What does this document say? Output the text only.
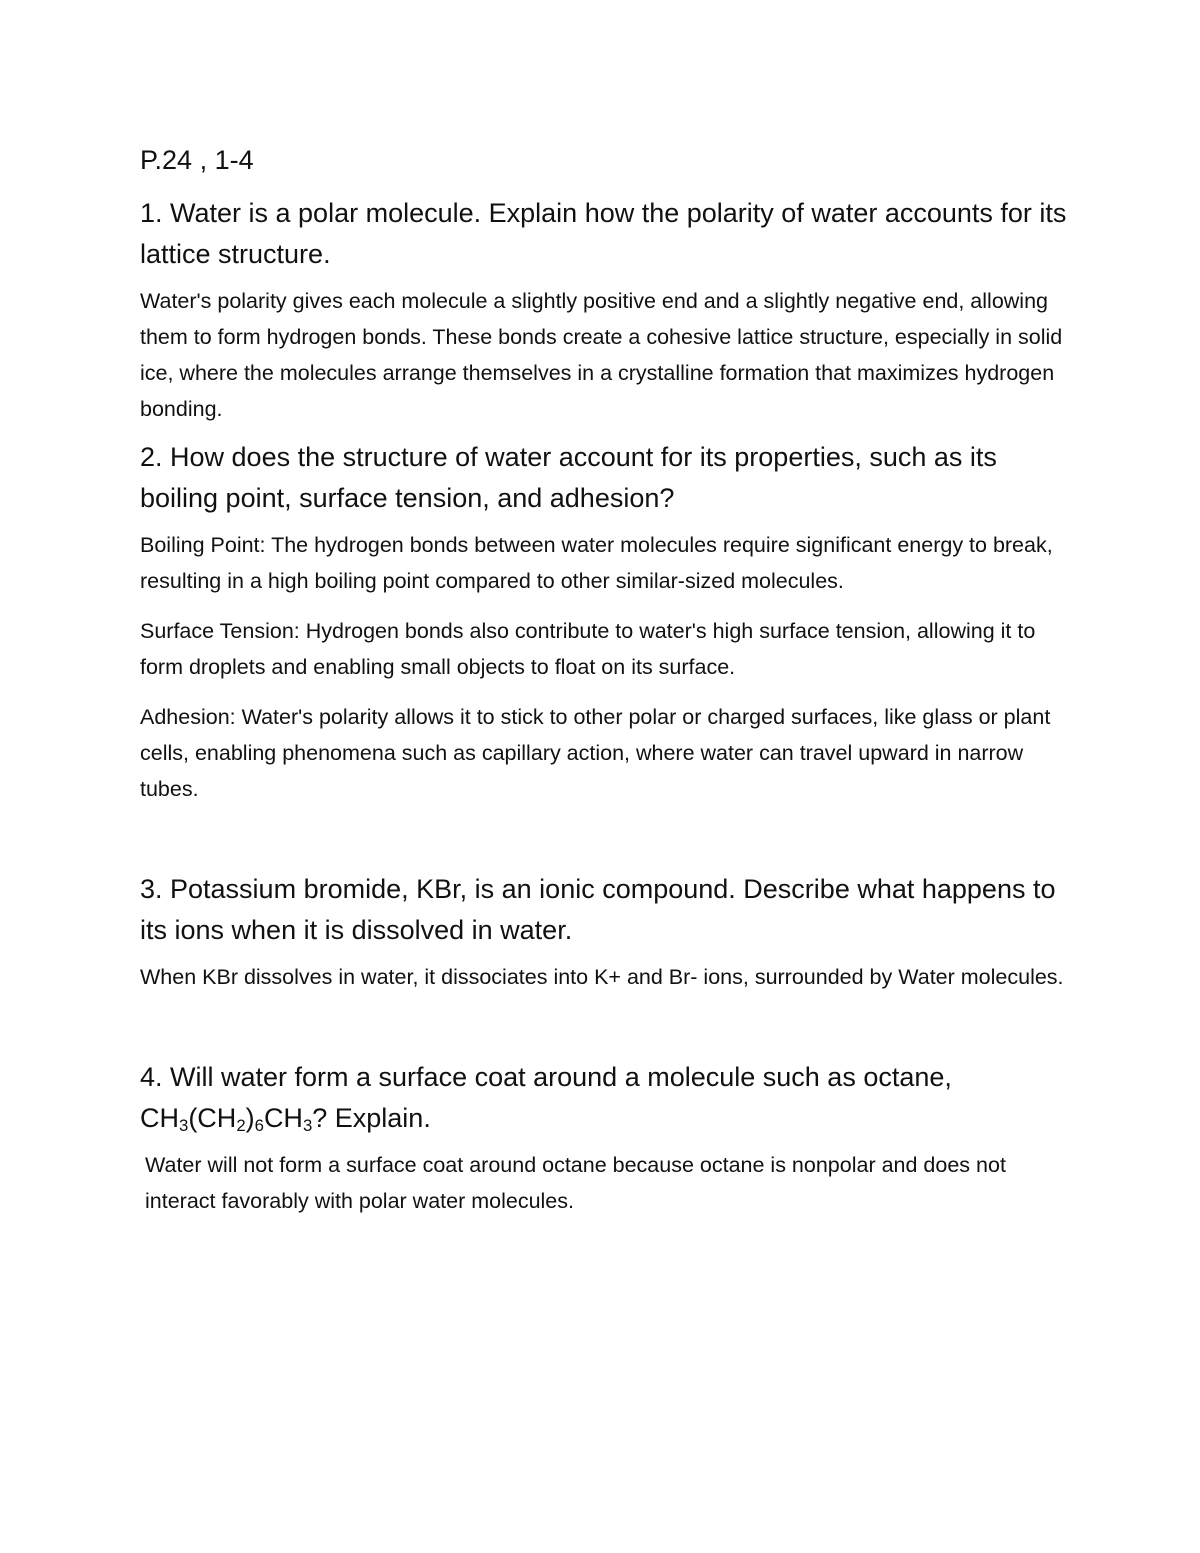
P.24 , 1-4

1. Water is a polar molecule. Explain how the polarity of water accounts for its lattice structure.

Water's polarity gives each molecule a slightly positive end and a slightly negative end, allowing them to form hydrogen bonds. These bonds create a cohesive lattice structure, especially in solid ice, where the molecules arrange themselves in a crystalline formation that maximizes hydrogen bonding.

2. How does the structure of water account for its properties, such as its boiling point, surface tension, and adhesion?

Boiling Point: The hydrogen bonds between water molecules require significant energy to break, resulting in a high boiling point compared to other similar-sized molecules.

Surface Tension: Hydrogen bonds also contribute to water's high surface tension, allowing it to form droplets and enabling small objects to float on its surface.

Adhesion: Water's polarity allows it to stick to other polar or charged surfaces, like glass or plant cells, enabling phenomena such as capillary action, where water can travel upward in narrow tubes.

3. Potassium bromide, KBr, is an ionic compound. Describe what happens to its ions when it is dissolved in water.

When KBr dissolves in water, it dissociates into K+ and Br- ions, surrounded by Water molecules.

4. Will water form a surface coat around a molecule such as octane, $CH_3(CH_2)_6CH_3$? Explain.

Water will not form a surface coat around octane because octane is nonpolar and does not interact favorably with polar water molecules.
